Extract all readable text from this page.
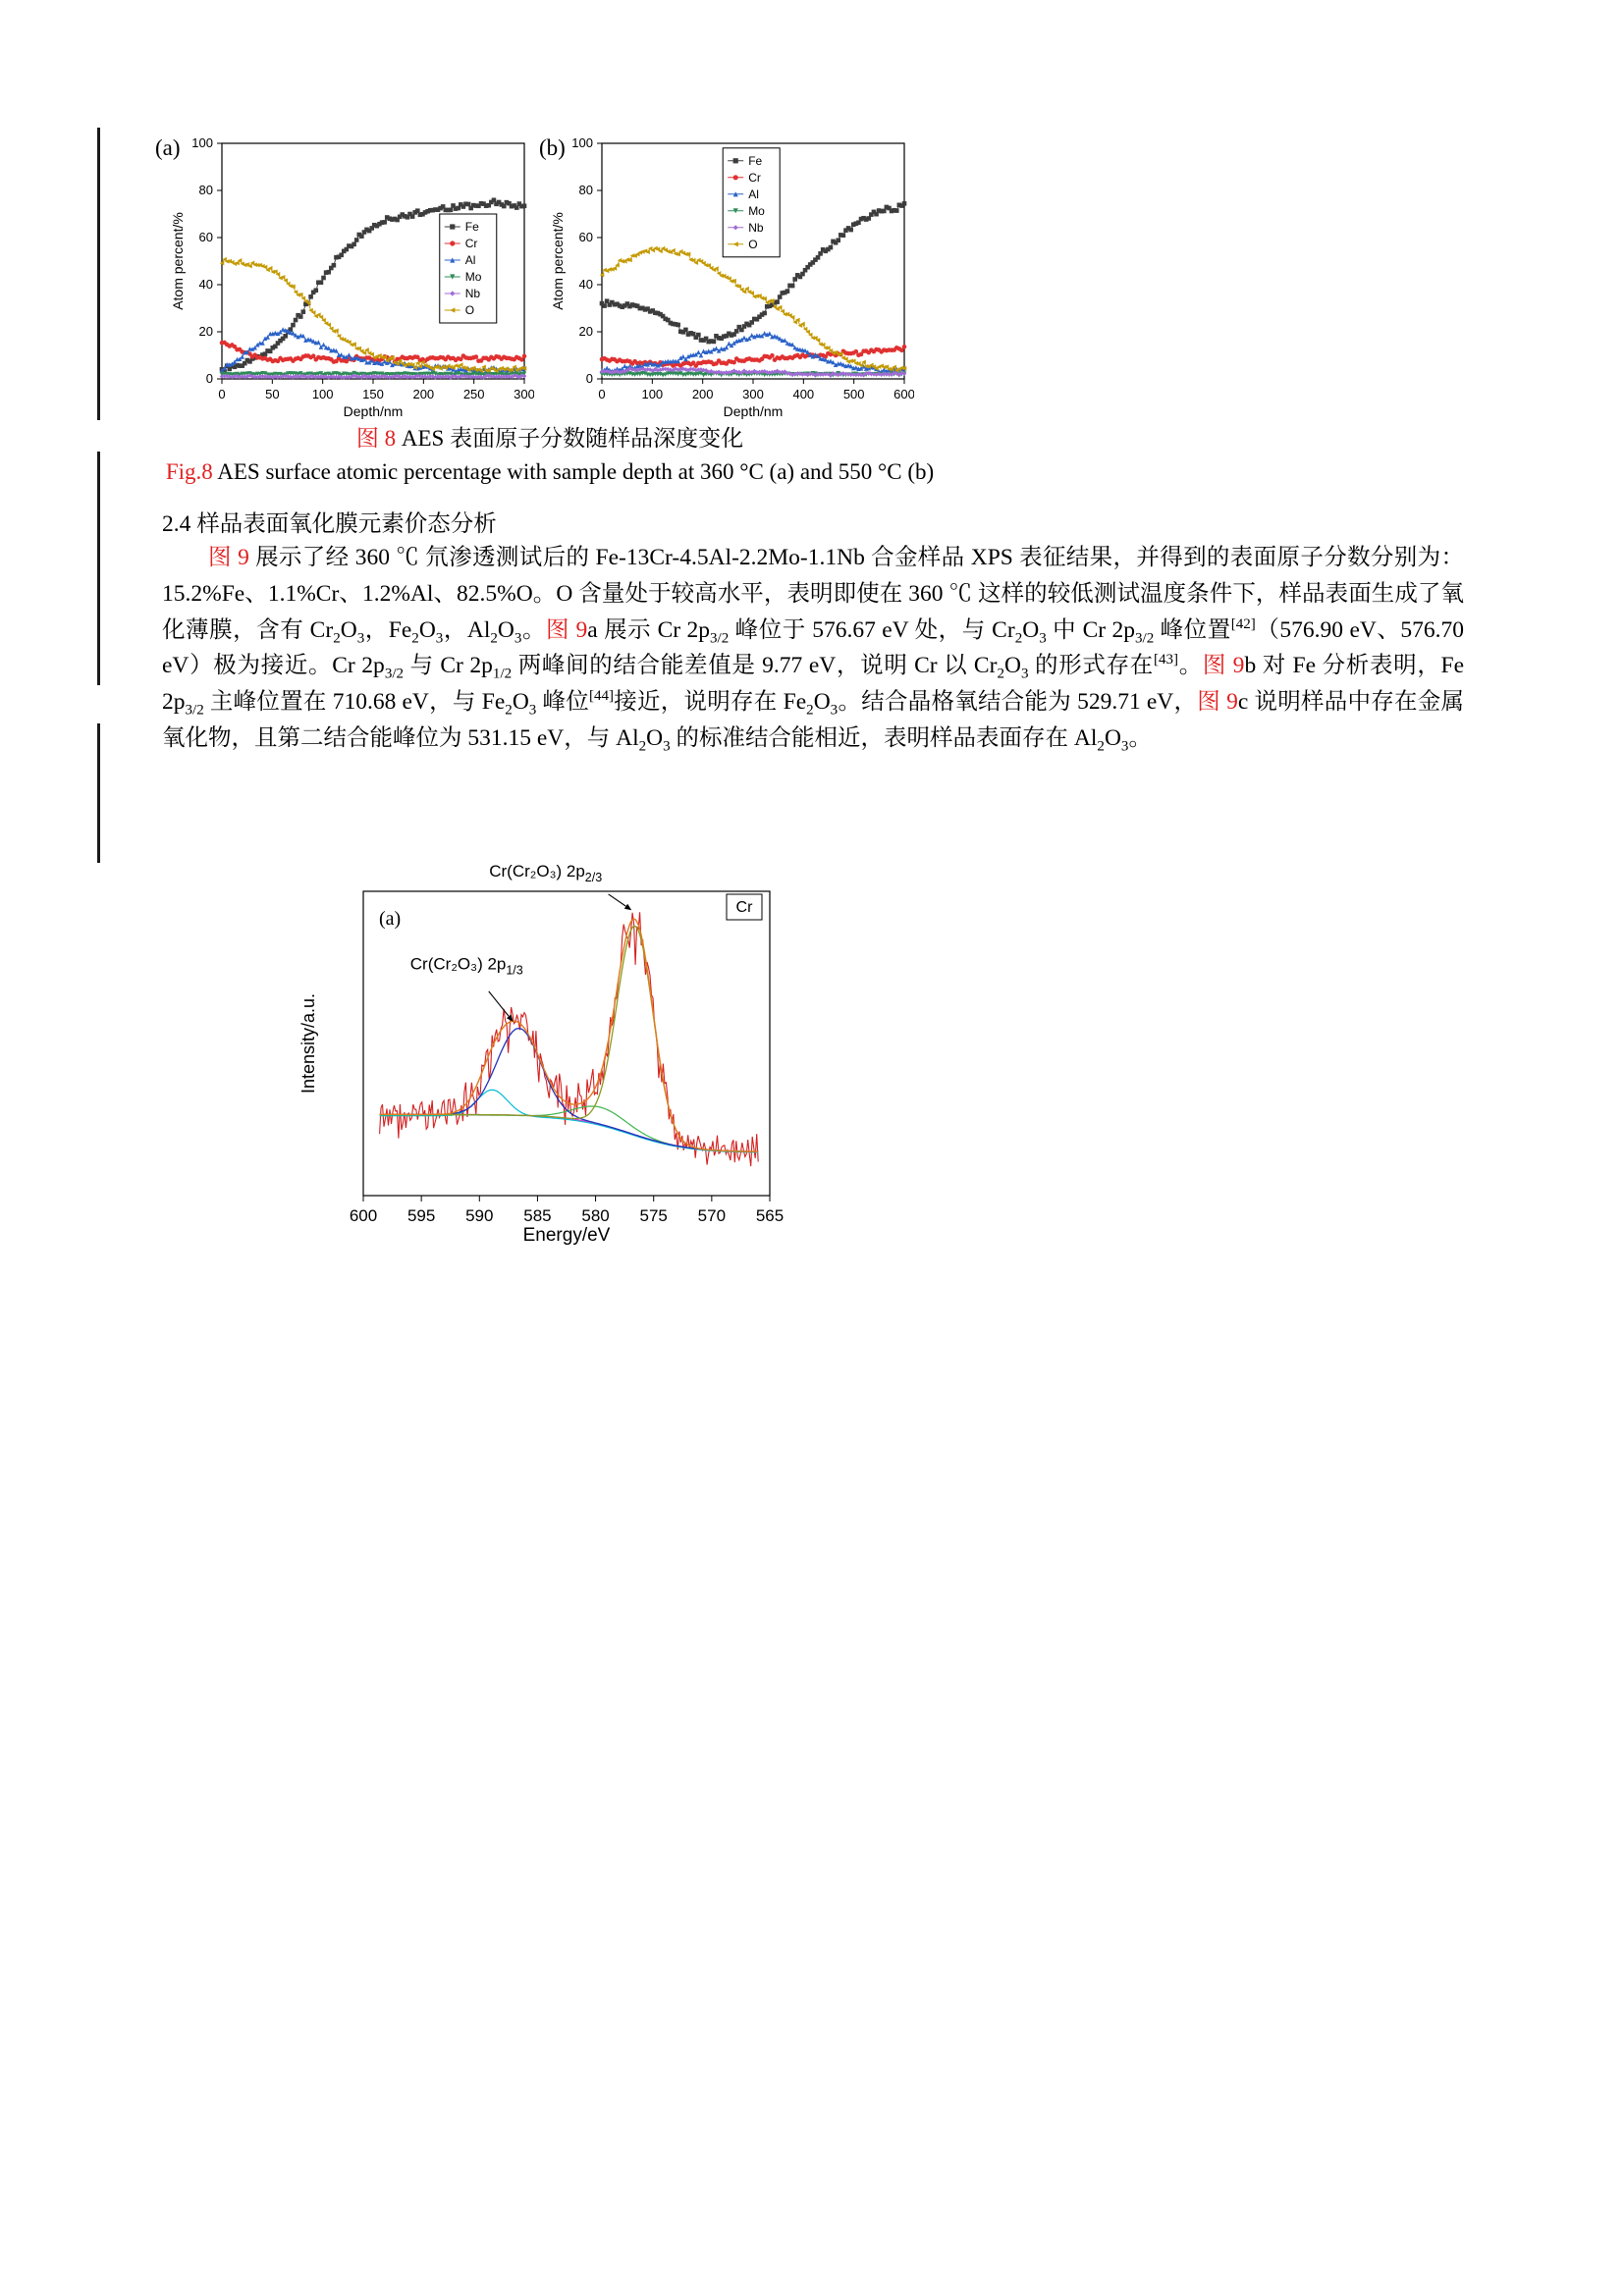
(a)	(b)
0	50	100 150 200 250 300
0
20
40
60
80
100
Depth/nm
Atom percent/%	Fe
Cr
Al
Mo
Nb
O
0	100 200 300 400 500 600
0
20
40
60
80
100
Depth/nm
Atom percent/%
Fe
Cr
Al
Mo
Nb
O
图 8 AES 表面原子分数随样品深度变化
Fig.8 AES surface atomic percentage with sample depth at 360 °C (a) and 550 °C (b)
2.4 样品表面氧化膜元素价态分析

图 9 展示了经 360 ℃ 氘渗透测试后的 Fe-13Cr-4.5Al-2.2Mo-1.1Nb 合金样品 XPS 表征结果，并得到的表面原子分数分别为：15.2%Fe、1.1%Cr、1.2%Al、82.5%O。O 含量处于较高水平，表明即使在 360 ℃ 这样的较低测试温度条件下，样品表面生成了氧化薄膜，含有 $Cr_2O_3$，$Fe_2O_3$，$Al_2O_3$。图 9a 展示 Cr $2p_{3/2}$ 峰位于 576.67 eV 处，与 $Cr_2O_3$ 中 Cr $2p_{3/2}$ 峰位置[42]（576.90 eV、576.70 eV）极为接近。Cr $2p_{3/2}$ 与 Cr $2p_{1/2}$ 两峰间的结合能差值是 9.77 eV，说明 Cr 以 $Cr_2O_3$ 的形式存在[43]。图 9b 对 Fe 分析表明，Fe $2p_{3/2}$ 主峰位置在 710.68 eV，与 $Fe_2O_3$ 峰位[44]接近，说明存在 $Fe_2O_3$。结合晶格氧结合能为 529.71 eV，图 9c 说明样品中存在金属氧化物，且第二结合能峰位为 531.15 eV，与 $Al_2O_3$ 的标准结合能相近，表明样品表面存在 $Al_2O_3$。

600 595 590 585 580 575 570 565
Energy/eV
Intensity/a.u.
Cr
(a)
Cr(Cr₂O₃) $2p_{2/3}$
Cr(Cr₂O₃) $2p_{1/3}$
